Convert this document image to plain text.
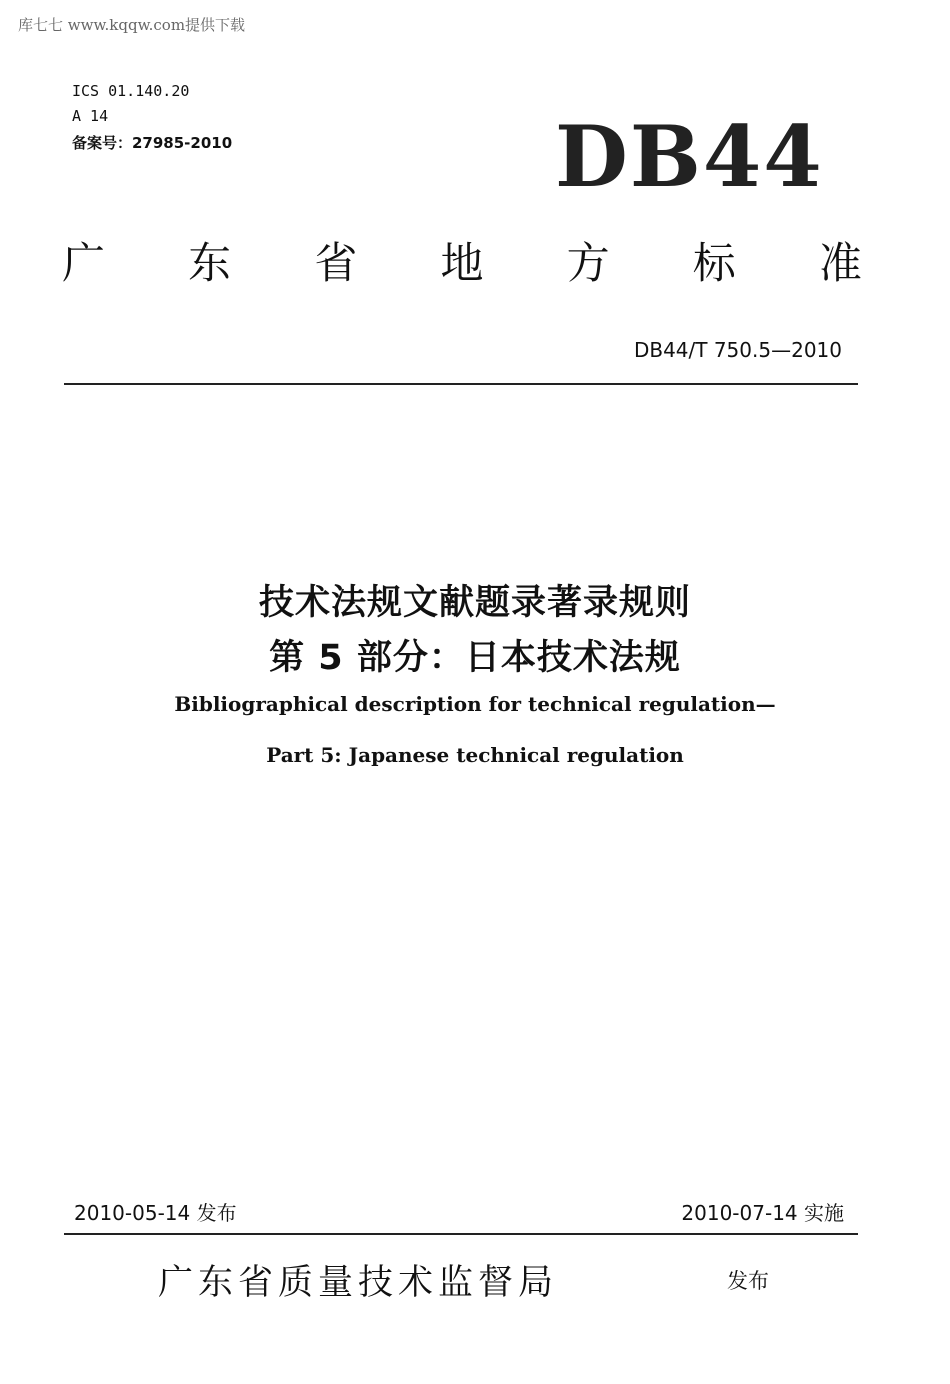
库七七 www.kqqw.com提供下载
ICS 01.140.20
A 14
备案号：27985-2010	DB44
广 东 省 地 方 标 准
DB44/T 750.5—2010
技术法规文献题录著录规则
第 5 部分：日本技术法规
Bibliographical description for technical regulation—
Part 5: Japanese technical regulation
2010-05-14 发布	2010-07-14 实施
广东省质量技术监督局	发布
